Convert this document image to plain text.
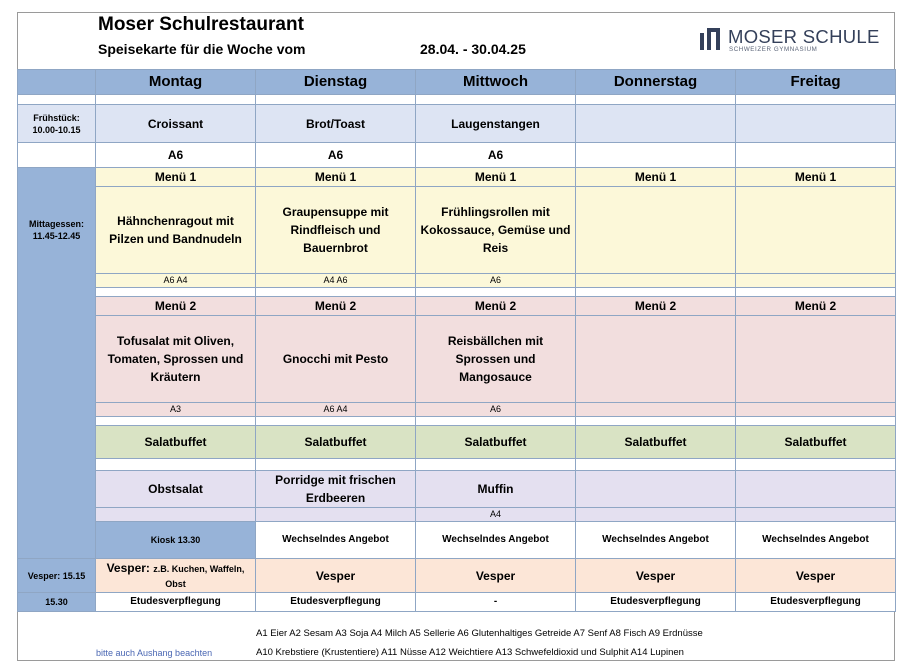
Moser Schulrestaurant
Speisekarte für die Woche vom	28.04. - 30.04.25
MOSER SCHULE
SCHWEIZER GYMNASIUM
	Montag	Dienstag	Mittwoch	Donnerstag	Freitag	

Frühstück: 10.00-10.15	Croissant	Brot/Toast	Laugenstangen			
	A6	A6	A6			
Mittagessen: 11.45-12.45	Menü 1	Menü 1	Menü 1	Menü 1	Menü 1	
	Hähnchenragout mit Pilzen und Bandnudeln	Graupensuppe mit Rindfleisch und Bauernbrot	Frühlingsrollen mit Kokossauce, Gemüse und Reis			
	A6 A4	A4 A6	A6			

	Menü 2	Menü 2	Menü 2	Menü 2	Menü 2	
	Tofusalat mit Oliven, Tomaten, Sprossen und Kräutern	Gnocchi mit Pesto	Reisbällchen mit Sprossen und Mangosauce			
	A3	A6 A4	A6			

	Salatbuffet	Salatbuffet	Salatbuffet	Salatbuffet	Salatbuffet	

	Obstsalat	Porridge mit frischen Erdbeeren	Muffin			
			A4			
	Kiosk 13.30	Wechselndes Angebot	Wechselndes Angebot	Wechselndes Angebot	Wechselndes Angebot	
Vesper: 15.15	Vesper: z.B. Kuchen, Waffeln, Obst	Vesper	Vesper	Vesper	Vesper	
15.30	Etudesverpflegung	Etudesverpflegung	-	Etudesverpflegung	Etudesverpflegung	
A1 Eier A2 Sesam A3 Soja A4 Milch A5 Sellerie A6 Glutenhaltiges Getreide A7 Senf A8 Fisch A9 Erdnüsse
A10 Krebstiere (Krustentiere) A11 Nüsse A12 Weichtiere A13 Schwefeldioxid und Sulphit A14 Lupinen
bitte auch Aushang beachten
